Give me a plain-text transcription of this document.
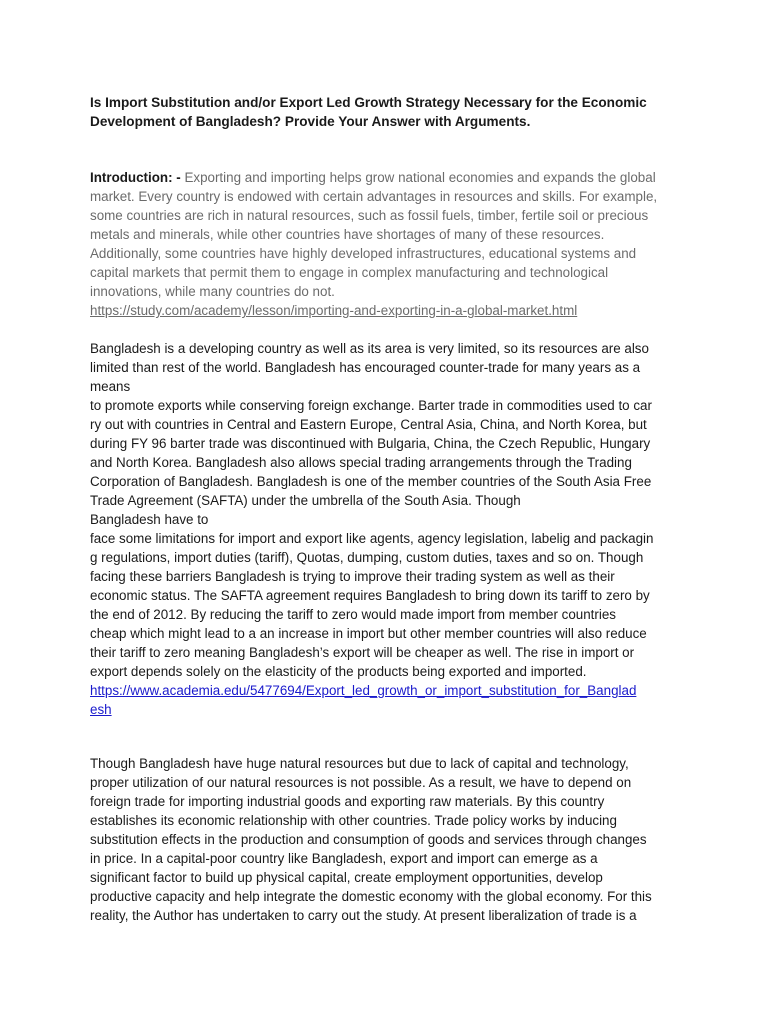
Is Import Substitution and/or Export Led Growth Strategy Necessary for the Economic
Development of Bangladesh? Provide Your Answer with Arguments.
Introduction: - Exporting and importing helps grow national economies and expands the global
market. Every country is endowed with certain advantages in resources and skills. For example,
some countries are rich in natural resources, such as fossil fuels, timber, fertile soil or precious
metals and minerals, while other countries have shortages of many of these resources.
Additionally, some countries have highly developed infrastructures, educational systems and
capital markets that permit them to engage in complex manufacturing and technological
innovations, while many countries do not.
https://study.com/academy/lesson/importing-and-exporting-in-a-global-market.html
Bangladesh is a developing country as well as its area is very limited, so its resources are also
limited than rest of the world. Bangladesh has encouraged counter-trade for many years as a
means
to promote exports while conserving foreign exchange. Barter trade in commodities used to car
ry out with countries in Central and Eastern Europe, Central Asia, China, and North Korea, but
during FY 96 barter trade was discontinued with Bulgaria, China, the Czech Republic, Hungary
and North Korea. Bangladesh also allows special trading arrangements through the Trading
Corporation of Bangladesh. Bangladesh is one of the member countries of the South Asia Free
Trade Agreement (SAFTA) under the umbrella of the South Asia. Though
Bangladesh have to
face some limitations for import and export like agents, agency legislation, labelig and packagin
g regulations, import duties (tariff), Quotas, dumping, custom duties, taxes and so on. Though
facing these barriers Bangladesh is trying to improve their trading system as well as their
economic status. The SAFTA agreement requires Bangladesh to bring down its tariff to zero by
the end of 2012. By reducing the tariff to zero would made import from member countries
cheap which might lead to a an increase in import but other member countries will also reduce
their tariff to zero meaning Bangladesh’s export will be cheaper as well. The rise in import or
export depends solely on the elasticity of the products being exported and imported.
https://www.academia.edu/5477694/Export_led_growth_or_import_substitution_for_Banglad
esh
Though Bangladesh have huge natural resources but due to lack of capital and technology,
proper utilization of our natural resources is not possible. As a result, we have to depend on
foreign trade for importing industrial goods and exporting raw materials. By this country
establishes its economic relationship with other countries. Trade policy works by inducing
substitution effects in the production and consumption of goods and services through changes
in price. In a capital-poor country like Bangladesh, export and import can emerge as a
significant factor to build up physical capital, create employment opportunities, develop
productive capacity and help integrate the domestic economy with the global economy. For this
reality, the Author has undertaken to carry out the study. At present liberalization of trade is a
